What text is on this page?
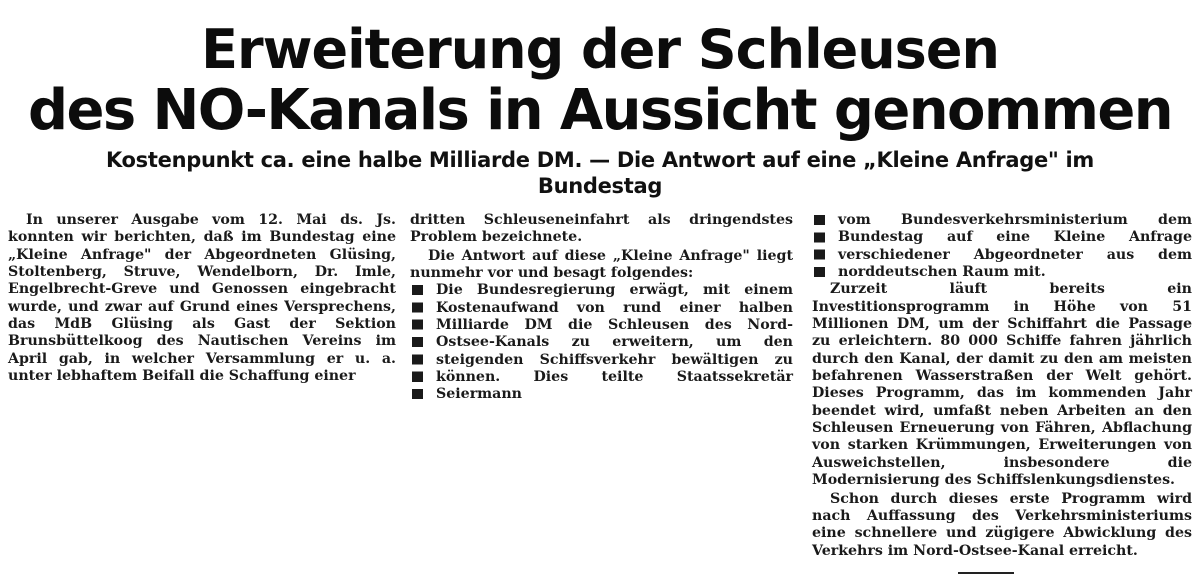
Erweiterung der Schleusen
des NO-Kanals in Aussicht genommen
Kostenpunkt ca. eine halbe Milliarde DM. — Die Antwort auf eine „Kleine Anfrage" im
Bundestag

In unserer Ausgabe vom 12. Mai ds. Js. konnten wir berichten, daß im Bundestag eine „Kleine Anfrage" der Abgeordneten Glüsing, Stoltenberg, Struve, Wendelborn, Dr. Imle, Engelbrecht-Greve und Genossen eingebracht wurde, und zwar auf Grund eines Versprechens, das MdB Glüsing als Gast der Sektion Brunsbüttelkoog des Nautischen Vereins im April gab, in welcher Versammlung er u. a. unter lebhaftem Beifall die Schaffung einer

dritten Schleuseneinfahrt als dringendstes Problem bezeichnete.

Die Antwort auf diese „Kleine Anfrage" liegt nunmehr vor und besagt folgendes:

Die Bundesregierung erwägt, mit einem Kostenaufwand von rund einer halben Milliarde DM die Schleusen des Nord-Ostsee-Kanals zu erweitern, um den steigenden Schiffsverkehr bewältigen zu können. Dies teilte Staatssekretär Seiermann

vom Bundesverkehrsministerium dem Bundestag auf eine Kleine Anfrage verschiedener Abgeordneter aus dem norddeutschen Raum mit.

Zurzeit läuft bereits ein Investitionsprogramm in Höhe von 51 Millionen DM, um der Schiffahrt die Passage zu erleichtern. 80 000 Schiffe fahren jährlich durch den Kanal, der damit zu den am meisten befahrenen Wasserstraßen der Welt gehört. Dieses Programm, das im kommenden Jahr beendet wird, umfaßt neben Arbeiten an den Schleusen Erneuerung von Fähren, Abflachung von starken Krümmungen, Erweiterungen von Ausweichstellen, insbesondere die Modernisierung des Schiffslenkungsdienstes.

Schon durch dieses erste Programm wird nach Auffassung des Verkehrsministeriums eine schnellere und zügigere Abwicklung des Verkehrs im Nord-Ostsee-Kanal erreicht.
